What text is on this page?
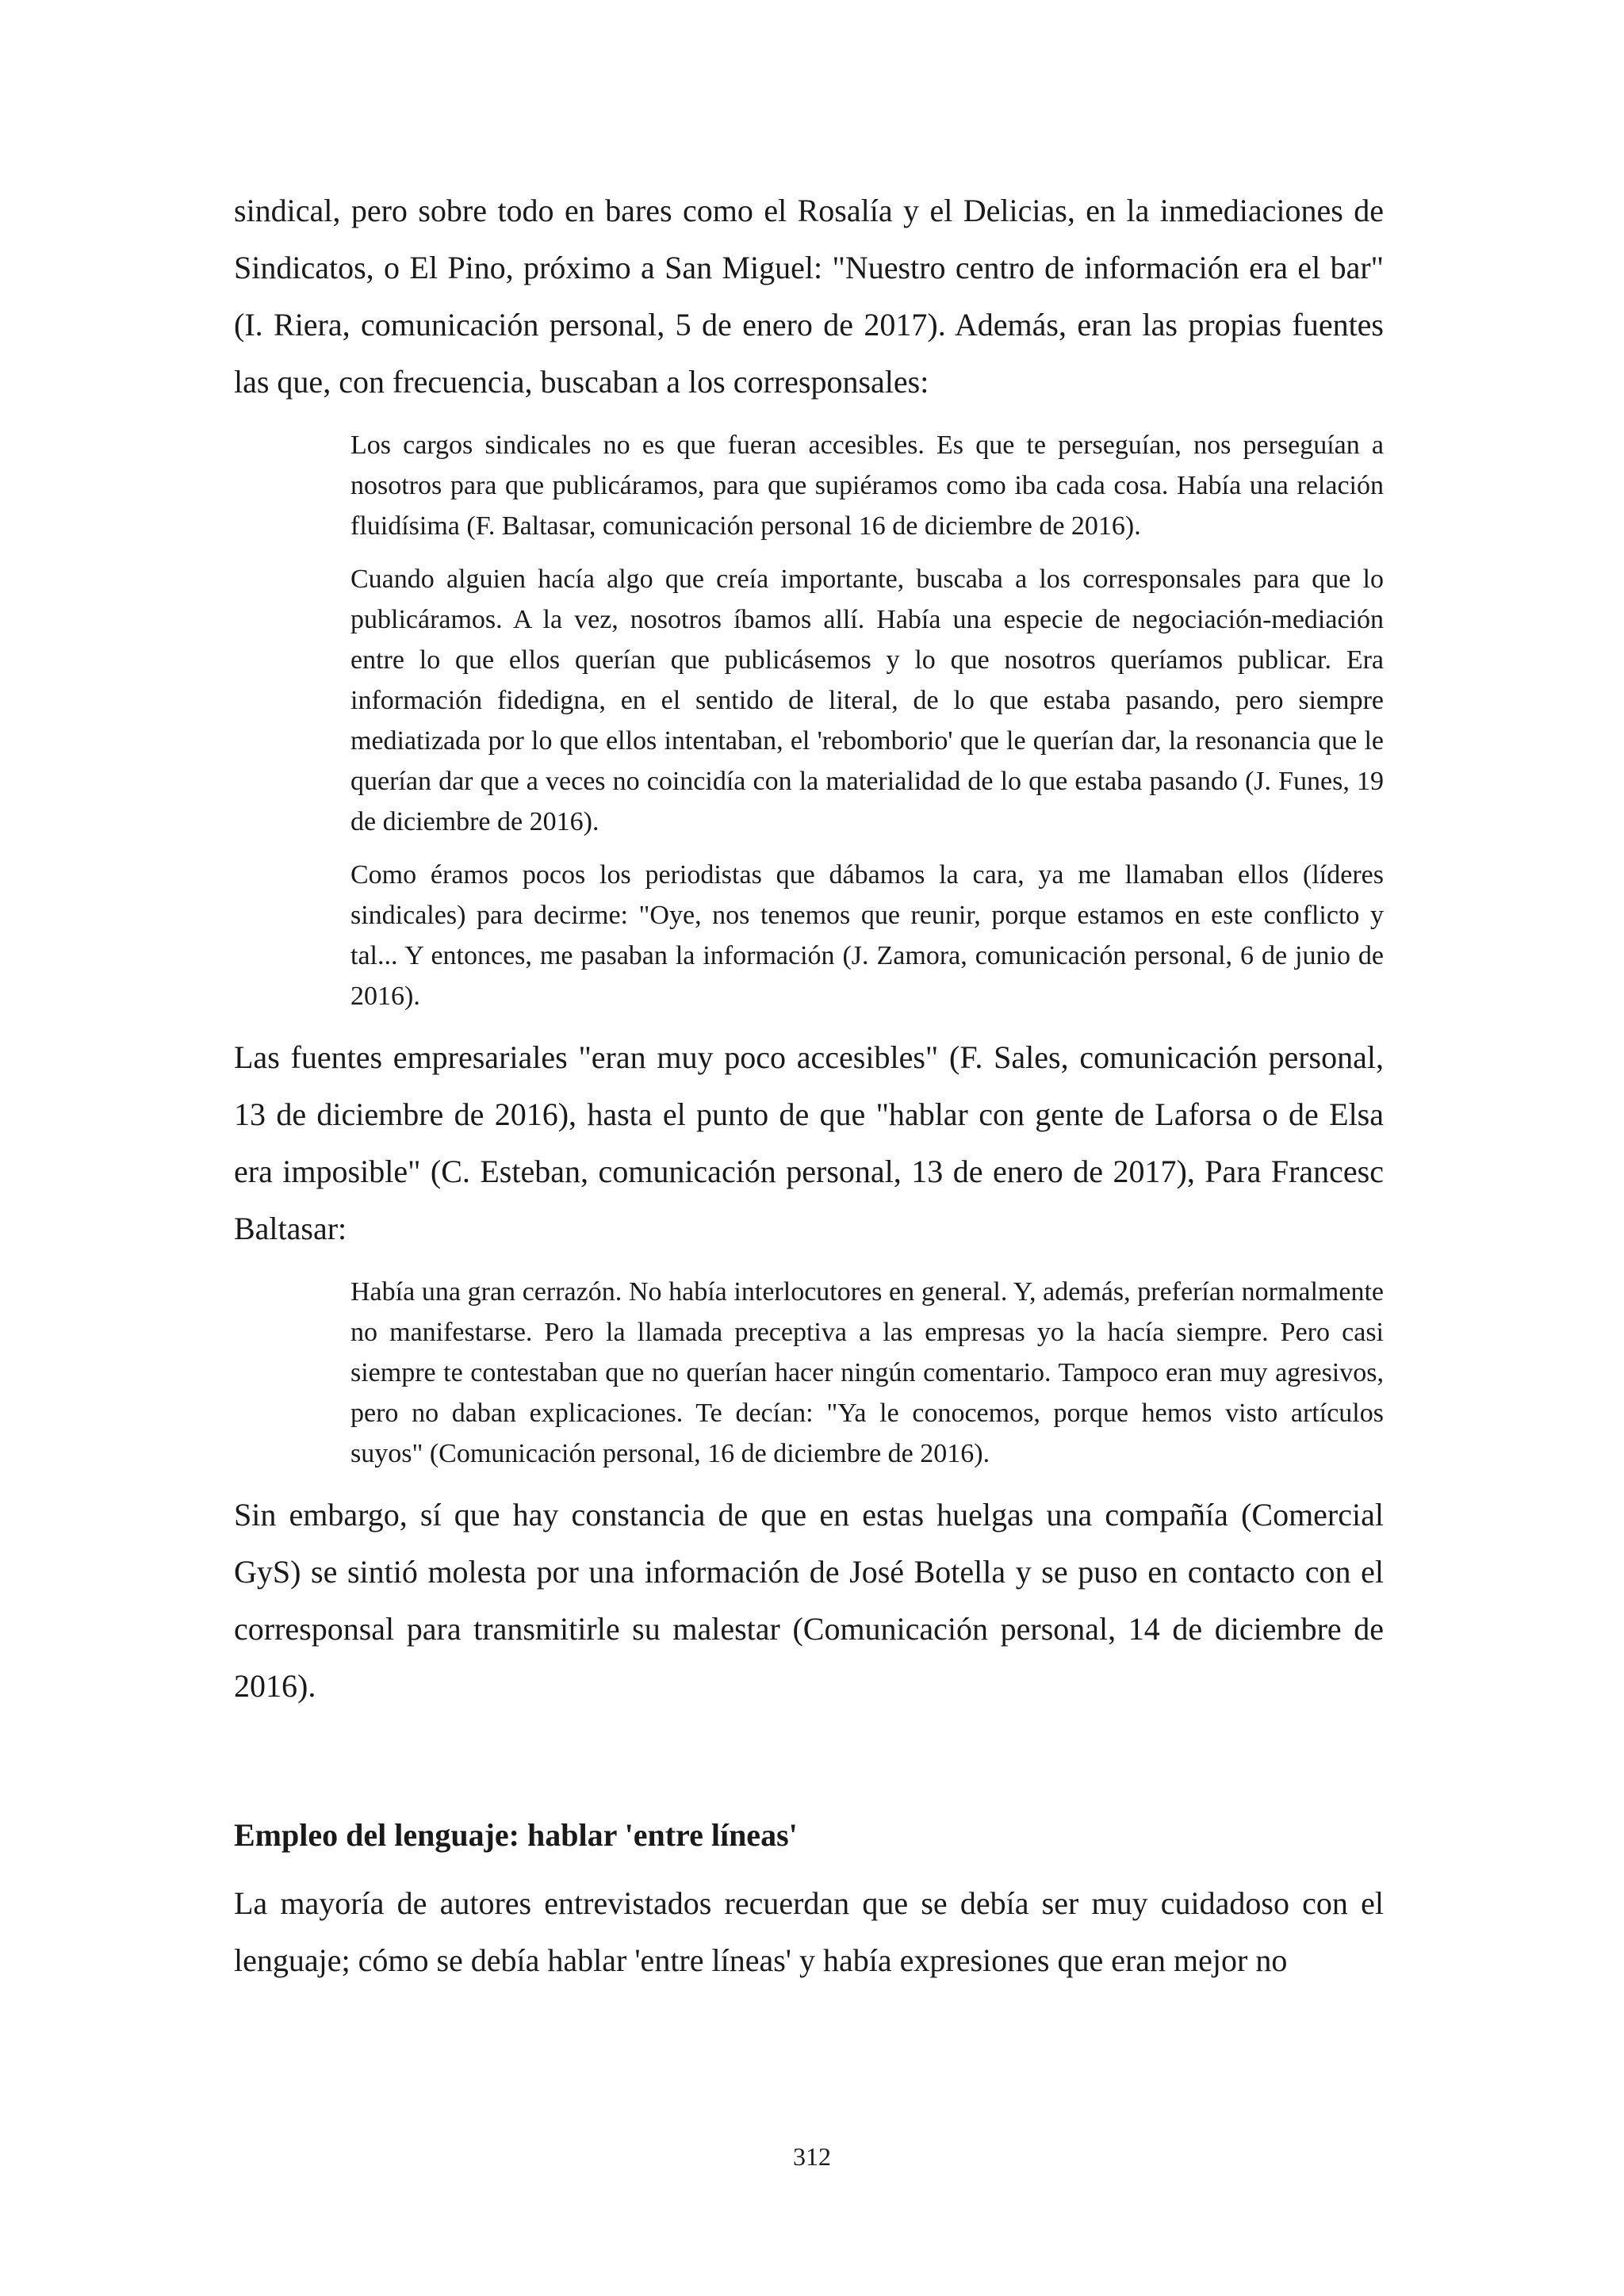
sindical, pero sobre todo en bares como el Rosalía y el Delicias, en la inmediaciones de Sindicatos, o El Pino, próximo a San Miguel: "Nuestro centro de información era el bar" (I. Riera, comunicación personal, 5 de enero de 2017). Además, eran las propias fuentes las que, con frecuencia, buscaban a los corresponsales:

Los cargos sindicales no es que fueran accesibles. Es que te perseguían, nos perseguían a nosotros para que publicáramos, para que supiéramos como iba cada cosa. Había una relación fluidísima (F. Baltasar, comunicación personal 16 de diciembre de 2016).

Cuando alguien hacía algo que creía importante, buscaba a los corresponsales para que lo publicáramos. A la vez, nosotros íbamos allí. Había una especie de negociación-mediación entre lo que ellos querían que publicásemos y lo que nosotros queríamos publicar. Era información fidedigna, en el sentido de literal, de lo que estaba pasando, pero siempre mediatizada por lo que ellos intentaban, el 'rebomborio' que le querían dar, la resonancia que le querían dar que a veces no coincidía con la materialidad de lo que estaba pasando (J. Funes, 19 de diciembre de 2016).

Como éramos pocos los periodistas que dábamos la cara, ya me llamaban ellos (líderes sindicales) para decirme: "Oye, nos tenemos que reunir, porque estamos en este conflicto y tal... Y entonces, me pasaban la información (J. Zamora, comunicación personal, 6 de junio de 2016).

Las fuentes empresariales "eran muy poco accesibles" (F. Sales, comunicación personal, 13 de diciembre de 2016), hasta el punto de que "hablar con gente de Laforsa o de Elsa era imposible" (C. Esteban, comunicación personal, 13 de enero de 2017), Para Francesc Baltasar:

Había una gran cerrazón. No había interlocutores en general. Y, además, preferían normalmente no manifestarse. Pero la llamada preceptiva a las empresas yo la hacía siempre. Pero casi siempre te contestaban que no querían hacer ningún comentario. Tampoco eran muy agresivos, pero no daban explicaciones. Te decían: "Ya le conocemos, porque hemos visto artículos suyos" (Comunicación personal, 16 de diciembre de 2016).

Sin embargo, sí que hay constancia de que en estas huelgas una compañía (Comercial GyS) se sintió molesta por una información de José Botella y se puso en contacto con el corresponsal para transmitirle su malestar (Comunicación personal, 14 de diciembre de 2016).

Empleo del lenguaje: hablar 'entre líneas'

La mayoría de autores entrevistados recuerdan que se debía ser muy cuidadoso con el lenguaje; cómo se debía hablar 'entre líneas' y había expresiones que eran mejor no

312
